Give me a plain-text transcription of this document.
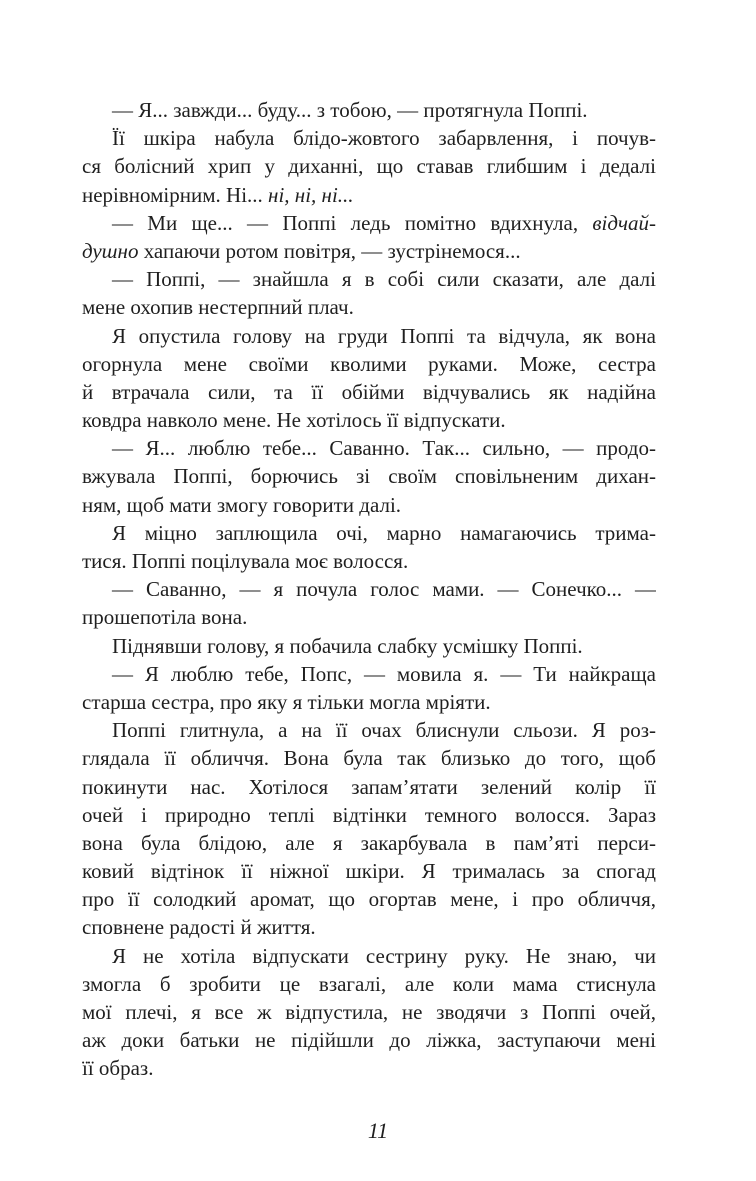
— Я... завжди... буду... з тобою, — протягнула Поппі.
Її шкіра набула блідо-жовтого забарвлення, і почув-
ся болісний хрип у диханні, що ставав глибшим і дедалі
нерівномірним. Ні... ні, ні, ні...
— Ми ще... — Поппі ледь помітно вдихнула, відчай-
душно хапаючи ротом повітря, — зустрінемося...
— Поппі, — знайшла я в собі сили сказати, але далі
мене охопив нестерпний плач.
Я опустила голову на груди Поппі та відчула, як вона
огорнула мене своїми кволими руками. Може, сестра
й втрачала сили, та її обійми відчувались як надійна
ковдра навколо мене. Не хотілось її відпускати.
— Я... люблю тебе... Саванно. Так... сильно, — продо-
вжувала Поппі, борючись зі своїм сповільненим дихан-
ням, щоб мати змогу говорити далі.
Я міцно заплющила очі, марно намагаючись трима-
тися. Поппі поцілувала моє волосся.
— Саванно, — я почула голос мами. — Сонечко... —
прошепотіла вона.
Піднявши голову, я побачила слабку усмішку Поппі.
— Я люблю тебе, Попс, — мовила я. — Ти найкраща
старша сестра, про яку я тільки могла мріяти.
Поппі глитнула, а на її очах блиснули сльози. Я роз-
глядала її обличчя. Вона була так близько до того, щоб
покинути нас. Хотілося запам’ятати зелений колір її
очей і природно теплі відтінки темного волосся. Зараз
вона була блідою, але я закарбувала в пам’яті перси-
ковий відтінок її ніжної шкіри. Я трималась за спогад
про її солодкий аромат, що огортав мене, і про обличчя,
сповнене радості й життя.
Я не хотіла відпускати сестрину руку. Не знаю, чи
змогла б зробити це взагалі, але коли мама стиснула
мої плечі, я все ж відпустила, не зводячи з Поппі очей,
аж доки батьки не підійшли до ліжка, заступаючи мені
її образ.
11
